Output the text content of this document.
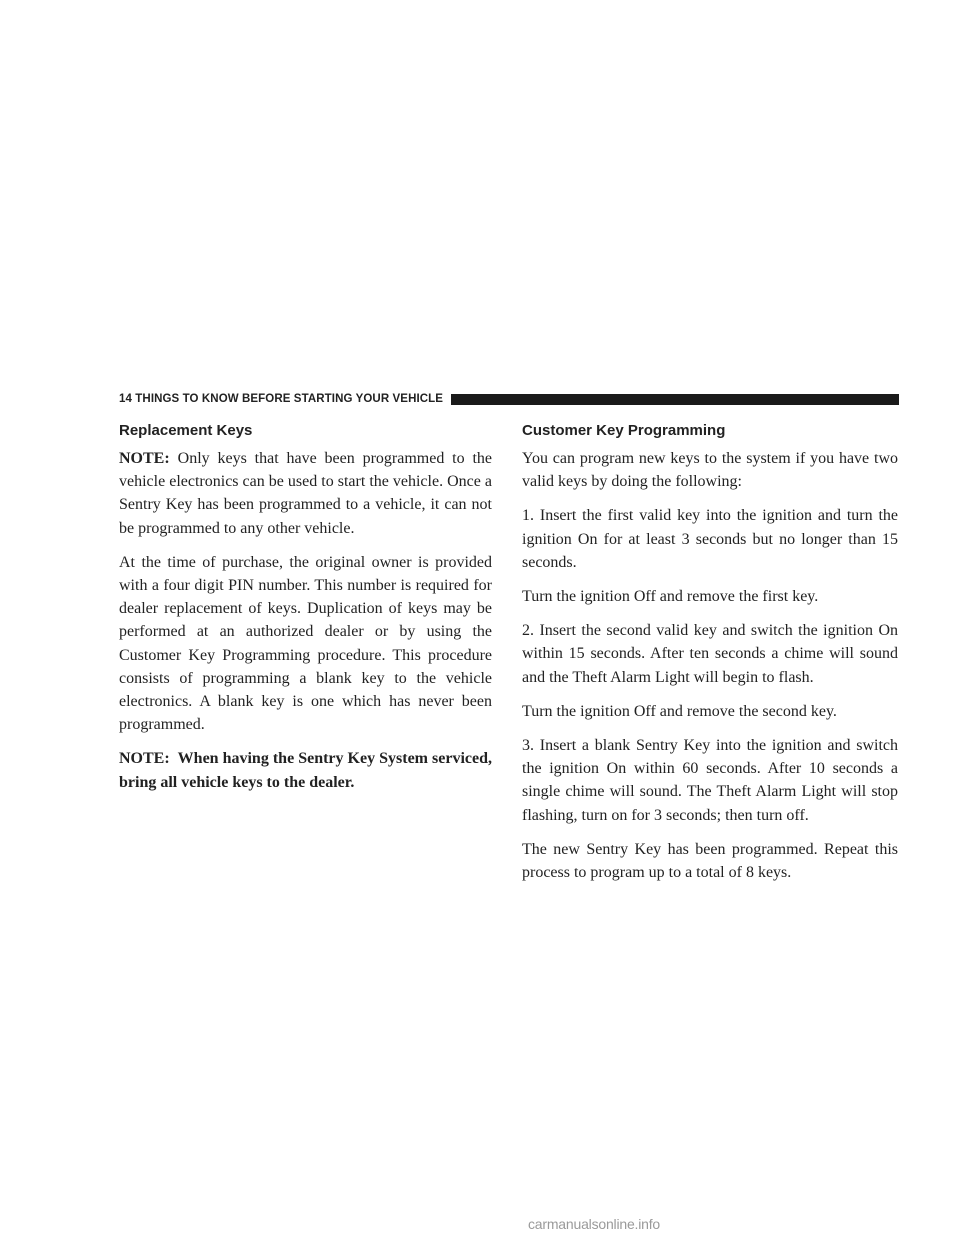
14 THINGS TO KNOW BEFORE STARTING YOUR VEHICLE
Replacement Keys

NOTE: Only keys that have been programmed to the vehicle electronics can be used to start the vehicle. Once a Sentry Key has been programmed to a vehicle, it can not be programmed to any other vehicle.

At the time of purchase, the original owner is provided with a four digit PIN number. This number is required for dealer replacement of keys. Duplication of keys may be performed at an authorized dealer or by using the Customer Key Programming procedure. This procedure consists of programming a blank key to the vehicle electronics. A blank key is one which has never been programmed.

NOTE: When having the Sentry Key System serviced, bring all vehicle keys to the dealer.

Customer Key Programming

You can program new keys to the system if you have two valid keys by doing the following:

1. Insert the first valid key into the ignition and turn the ignition On for at least 3 seconds but no longer than 15 seconds.

Turn the ignition Off and remove the first key.

2. Insert the second valid key and switch the ignition On within 15 seconds. After ten seconds a chime will sound and the Theft Alarm Light will begin to flash.

Turn the ignition Off and remove the second key.

3. Insert a blank Sentry Key into the ignition and switch the ignition On within 60 seconds. After 10 seconds a single chime will sound. The Theft Alarm Light will stop flashing, turn on for 3 seconds; then turn off.

The new Sentry Key has been programmed. Repeat this process to program up to a total of 8 keys.

carmanualsonline.info
